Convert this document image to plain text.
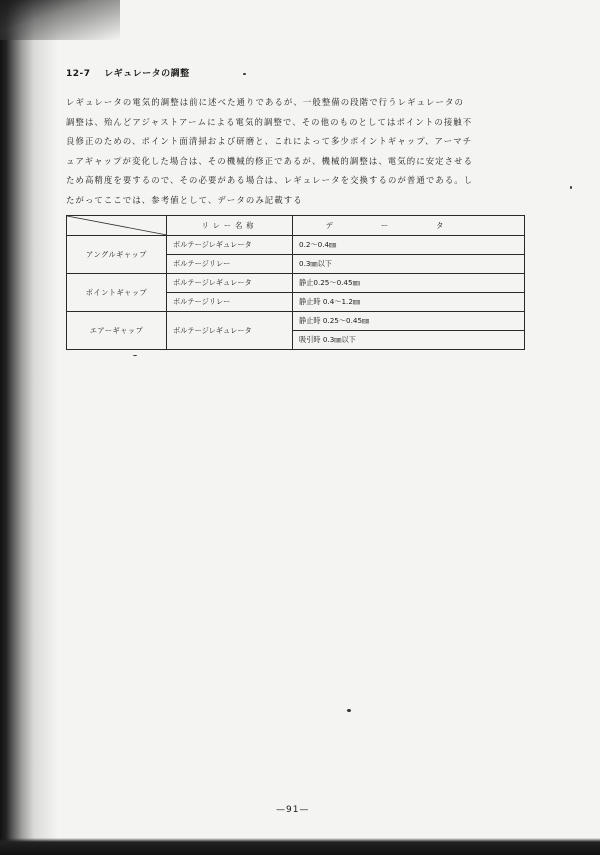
12-7 レギュレータの調整
レギュレータの電気的調整は前に述べた通りであるが、一般整備の段階で行うレギュレータの
調整は、殆んどアジャストアームによる電気的調整で、その他のものとしてはポイントの接触不
良修正のための、ポイント面清掃および研磨と、これによって多少ポイントギャップ、アーマチ
ュアギャップが変化した場合は、その機械的修正であるが、機械的調整は、電気的に安定させる
ため高精度を要するので、その必要がある場合は、レギュレータを交換するのが普通である。し
たがってここでは、参考値として、データのみ記載する
	リレー名称	データ
アングルギャップ	ボルテージレギュレータ	0.2～0.4㎜
	ボルテージリレー	0.3㎜以下
ポイントギャップ	ボルテージレギュレータ	静止0.25～0.45㎜
	ボルテージリレー	静止時 0.4～1.2㎜
エアーギャップ	ボルテージレギュレータ	静止時 0.25～0.45㎜
		吸引時 0.3㎜以下
—91—
